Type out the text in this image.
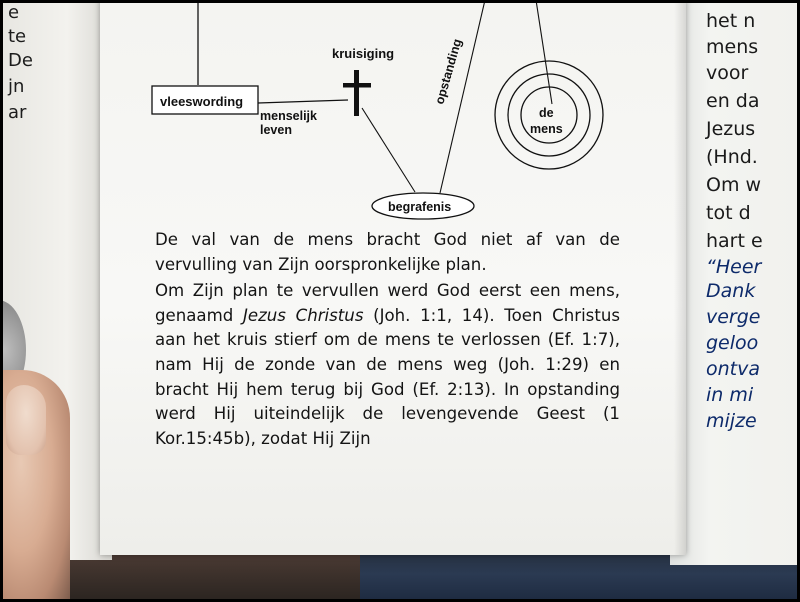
e
te
De
jn
ar
het n
mens
voor
en da
Jezus
(Hnd.
Om w
tot d
hart e
“Heer
Dank
verge
geloo
ontva
in mi
mijze
vleeswording
menselijk
leven
kruisiging
begrafenis
opstanding
de
mens

De val van de mens bracht God niet af van de vervulling van Zijn oorspronkelijke plan.

Om Zijn plan te vervullen werd God eerst een mens, genaamd Jezus Christus (Joh. 1:1, 14). Toen Christus aan het kruis stierf om de mens te verlossen (Ef. 1:7), nam Hij de zonde van de mens weg (Joh. 1:29) en bracht Hij hem terug bij God (Ef. 2:13). In opstanding werd Hij uiteindelijk de levengevende Geest (1 Kor.15:45b), zodat Hij Zijn
